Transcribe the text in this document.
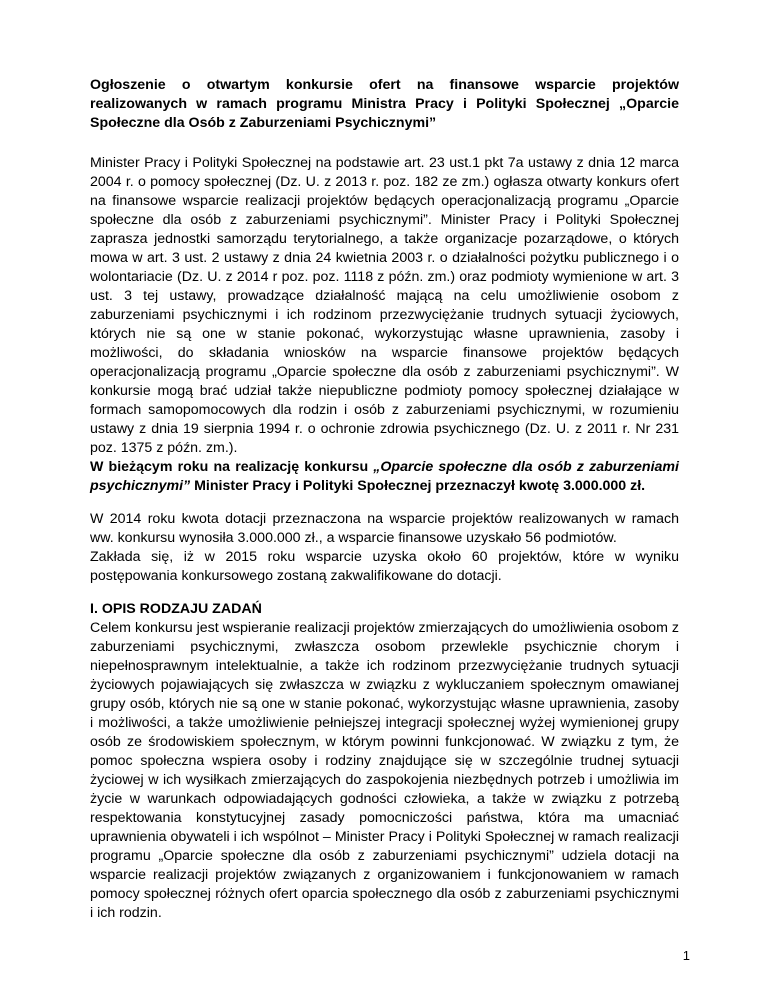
Ogłoszenie o otwartym konkursie ofert na finansowe wsparcie projektów realizowanych w ramach programu Ministra Pracy i Polityki Społecznej „Oparcie Społeczne dla Osób z Zaburzeniami Psychicznymi”

Minister Pracy i Polityki Społecznej na podstawie art. 23 ust.1 pkt 7a ustawy z dnia 12 marca 2004 r. o pomocy społecznej (Dz. U. z 2013 r. poz. 182 ze zm.) ogłasza otwarty konkurs ofert na finansowe wsparcie realizacji projektów będących operacjonalizacją programu „Oparcie społeczne dla osób z zaburzeniami psychicznymi”. Minister Pracy i Polityki Społecznej zaprasza jednostki samorządu terytorialnego, a także organizacje pozarządowe, o których mowa w art. 3 ust. 2 ustawy z dnia 24 kwietnia 2003 r. o działalności pożytku publicznego i o wolontariacie (Dz. U. z 2014 r poz. poz. 1118 z późn. zm.) oraz podmioty wymienione w art. 3 ust. 3 tej ustawy, prowadzące działalność mającą na celu umożliwienie osobom z zaburzeniami psychicznymi i ich rodzinom przezwyciężanie trudnych sytuacji życiowych, których nie są one w stanie pokonać, wykorzystując własne uprawnienia, zasoby i możliwości, do składania wniosków na wsparcie finansowe projektów będących operacjonalizacją programu „Oparcie społeczne dla osób z zaburzeniami psychicznymi”. W konkursie mogą brać udział także niepubliczne podmioty pomocy społecznej działające w formach samopomocowych dla rodzin i osób z zaburzeniami psychicznymi, w rozumieniu ustawy z dnia 19 sierpnia 1994 r. o ochronie zdrowia psychicznego (Dz. U. z 2011 r. Nr 231 poz. 1375 z późn. zm.).

W bieżącym roku na realizację konkursu „Oparcie społeczne dla osób z zaburzeniami psychicznymi” Minister Pracy i Polityki Społecznej przeznaczył kwotę 3.000.000 zł.

W 2014 roku kwota dotacji przeznaczona na wsparcie projektów realizowanych w ramach ww. konkursu wynosiła 3.000.000 zł., a wsparcie finansowe uzyskało 56 podmiotów.

Zakłada się, iż w 2015 roku wsparcie uzyska około 60 projektów, które w wyniku postępowania konkursowego zostaną zakwalifikowane do dotacji.

I. OPIS RODZAJU ZADAŃ

Celem konkursu jest wspieranie realizacji projektów zmierzających do umożliwienia osobom z zaburzeniami psychicznymi, zwłaszcza osobom przewlekle psychicznie chorym i niepełnosprawnym intelektualnie, a także ich rodzinom przezwyciężanie trudnych sytuacji życiowych pojawiających się zwłaszcza w związku z wykluczaniem społecznym omawianej grupy osób, których nie są one w stanie pokonać, wykorzystując własne uprawnienia, zasoby i możliwości, a także umożliwienie pełniejszej integracji społecznej wyżej wymienionej grupy osób ze środowiskiem społecznym, w którym powinni funkcjonować. W związku z tym, że pomoc społeczna wspiera osoby i rodziny znajdujące się w szczególnie trudnej sytuacji życiowej w ich wysiłkach zmierzających do zaspokojenia niezbędnych potrzeb i umożliwia im życie w warunkach odpowiadających godności człowieka, a także w związku z potrzebą respektowania konstytucyjnej zasady pomocniczości państwa, która ma umacniać uprawnienia obywateli i ich wspólnot – Minister Pracy i Polityki Społecznej w ramach realizacji programu „Oparcie społeczne dla osób z zaburzeniami psychicznymi” udziela dotacji na wsparcie realizacji projektów związanych z organizowaniem i funkcjonowaniem w ramach pomocy społecznej różnych ofert oparcia społecznego dla osób z zaburzeniami psychicznymi i ich rodzin.

1
